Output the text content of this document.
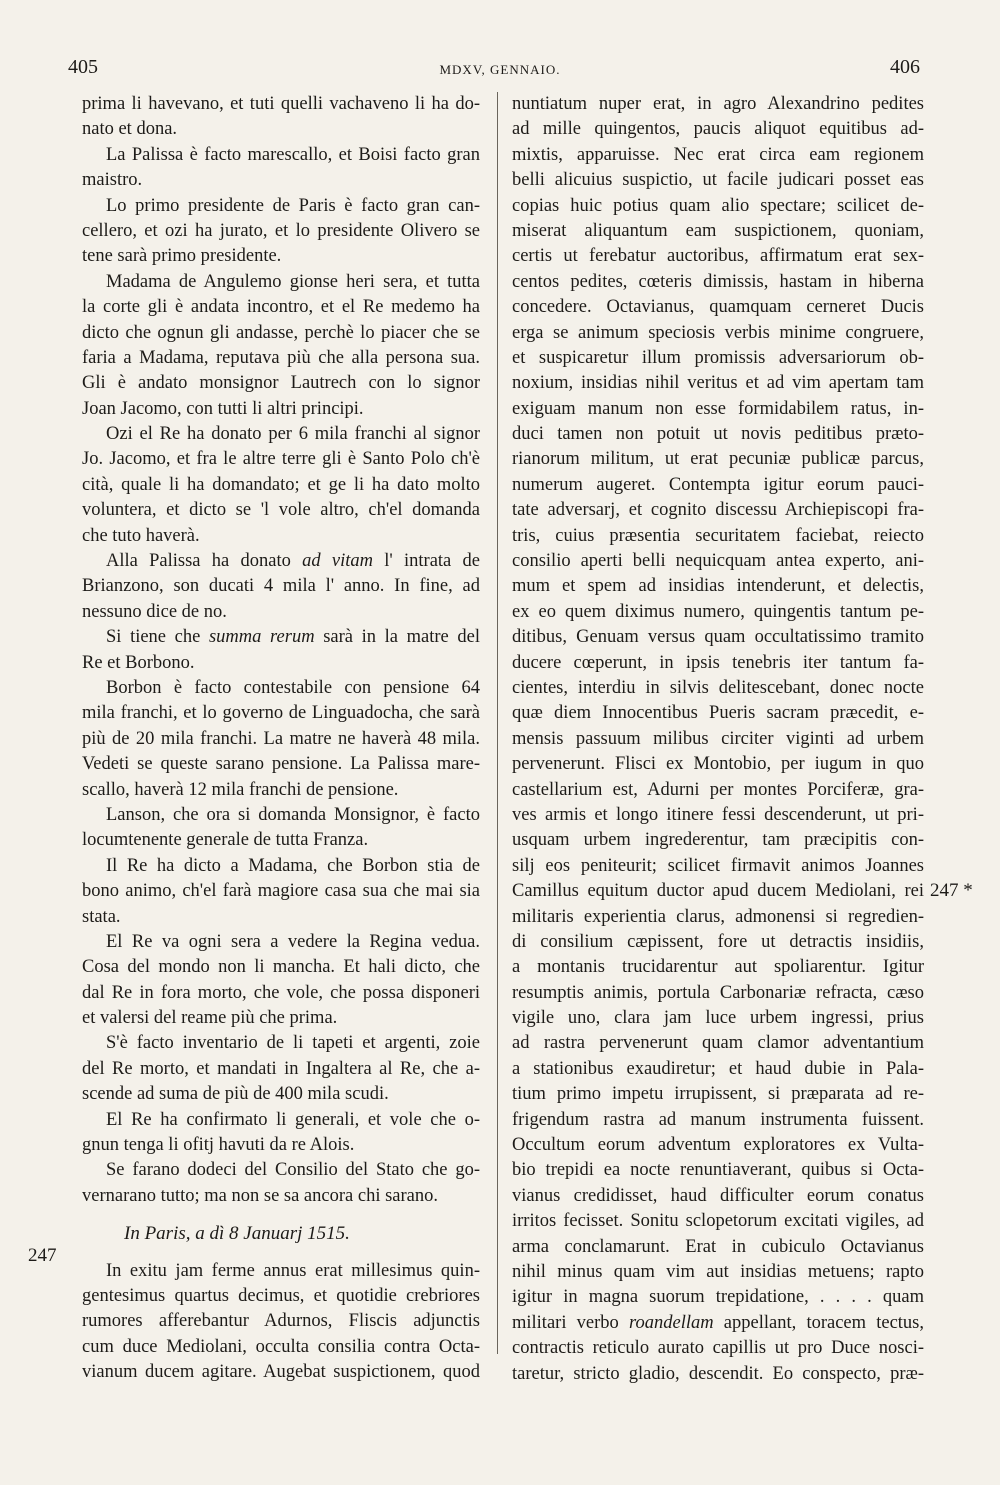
405	MDXV, GENNAIO.	406
247
247 *
prima li havevano, et tuti quelli vachaveno li ha do-
nato et dona.
La Palissa è facto marescallo, et Boisi facto gran
maistro.
Lo primo presidente de Paris è facto gran can-
cellero, et ozi ha jurato, et lo presidente Olivero se
tene sarà primo presidente.
Madama de Angulemo gionse heri sera, et tutta
la corte gli è andata incontro, et el Re medemo ha
dicto che ognun gli andasse, perchè lo piacer che se
faria a Madama, reputava più che alla persona sua.
Gli è andato monsignor Lautrech con lo signor
Joan Jacomo, con tutti li altri principi.
Ozi el Re ha donato per 6 mila franchi al signor
Jo. Jacomo, et fra le altre terre gli è Santo Polo ch'è
cità, quale li ha domandato; et ge li ha dato molto
voluntera, et dicto se 'l vole altro, ch'el domanda
che tuto haverà.
Alla Palissa ha donato ad vitam l' intrata de
Brianzono, son ducati 4 mila l' anno. In fine, ad
nessuno dice de no.
Si tiene che summa rerum sarà in la matre del
Re et Borbono.
Borbon è facto contestabile con pensione 64
mila franchi, et lo governo de Linguadocha, che sarà
più de 20 mila franchi. La matre ne haverà 48 mila.
Vedeti se queste sarano pensione. La Palissa mare-
scallo, haverà 12 mila franchi de pensione.
Lanson, che ora si domanda Monsignor, è facto
locumtenente generale de tutta Franza.
Il Re ha dicto a Madama, che Borbon stia de
bono animo, ch'el farà magiore casa sua che mai sia
stata.
El Re va ogni sera a vedere la Regina vedua.
Cosa del mondo non li mancha. Et hali dicto, che
dal Re in fora morto, che vole, che possa disponeri
et valersi del reame più che prima.
S'è facto inventario de li tapeti et argenti, zoie
del Re morto, et mandati in Ingaltera al Re, che a-
scende ad suma de più de 400 mila scudi.
El Re ha confirmato li generali, et vole che o-
gnun tenga li ofitj havuti da re Alois.
Se farano dodeci del Consilio del Stato che go-
vernarano tutto; ma non se sa ancora chi sarano.
In Paris, a dì 8 Januarj 1515.
In exitu jam ferme annus erat millesimus quin-
gentesimus quartus decimus, et quotidie crebriores
rumores afferebantur Adurnos, Fliscis adjunctis
cum duce Mediolani, occulta consilia contra Octa-
vianum ducem agitare. Augebat suspictionem, quod
nuntiatum nuper erat, in agro Alexandrino pedites
ad mille quingentos, paucis aliquot equitibus ad-
mixtis, apparuisse. Nec erat circa eam regionem
belli alicuius suspictio, ut facile judicari posset eas
copias huic potius quam alio spectare; scilicet de-
miserat aliquantum eam suspictionem, quoniam,
certis ut ferebatur auctoribus, affirmatum erat sex-
centos pedites, cœteris dimissis, hastam in hiberna
concedere. Octavianus, quamquam cerneret Ducis
erga se animum speciosis verbis minime congruere,
et suspicaretur illum promissis adversariorum ob-
noxium, insidias nihil veritus et ad vim apertam tam
exiguam manum non esse formidabilem ratus, in-
duci tamen non potuit ut novis peditibus prætо-
rianorum militum, ut erat pecuniæ publicæ parcus,
numerum augeret. Contempta igitur eorum pauci-
tate adversarj, et cognito discessu Archiepiscopi fra-
tris, cuius præsentia securitatem faciebat, reiecto
consilio aperti belli nequicquam antea experto, ani-
mum et spem ad insidias intenderunt, et delectis,
ex eo quem diximus numero, quingentis tantum pe-
ditibus, Genuam versus quam occultatissimo tramito
ducere cœperunt, in ipsis tenebris iter tantum fa-
cientes, interdiu in silvis delitescebant, donec nocte
quæ diem Innocentibus Pueris sacram præcedit, e-
mensis passuum milibus circiter viginti ad urbem
pervenerunt. Flisci ex Montobio, per iugum in quo
castellarium est, Adurni per montes Porciferæ, gra-
ves armis et longo itinere fessi descenderunt, ut pri-
usquam urbem ingrederentur, tam præcipitis con-
silj eos peniteurit; scilicet firmavit animos Joannes
Camillus equitum ductor apud ducem Mediolani, rei
militaris experientia clarus, admonensi si regredien-
di consilium cæpissent, fore ut detractis insidiis,
a montanis trucidarentur aut spoliarentur. Igitur
resumptis animis, portula Carbonariæ refracta, cæso
vigile uno, clara jam luce urbem ingressi, prius
ad rastra pervenerunt quam clamor adventantium
a stationibus exaudiretur; et haud dubie in Pala-
tium primo impetu irrupissent, si præparata ad re-
frigendum rastra ad manum instrumenta fuissent.
Occultum eorum adventum exploratores ex Vulta-
bio trepidi ea nocte renuntiaverant, quibus si Octa-
vianus credidisset, haud difficulter eorum conatus
irritos fecisset. Sonitu sclopetorum excitati vigiles, ad
arma conclamarunt. Erat in cubiculo Octavianus
nihil minus quam vim aut insidias metuens; rapto
igitur in magna suorum trepidatione, . . . . quam
militari verbo roandellam appellant, toracem tectus,
contractis reticulo aurato capillis ut pro Duce nosci-
taretur, stricto gladio, descendit. Eo conspecto, præ-
